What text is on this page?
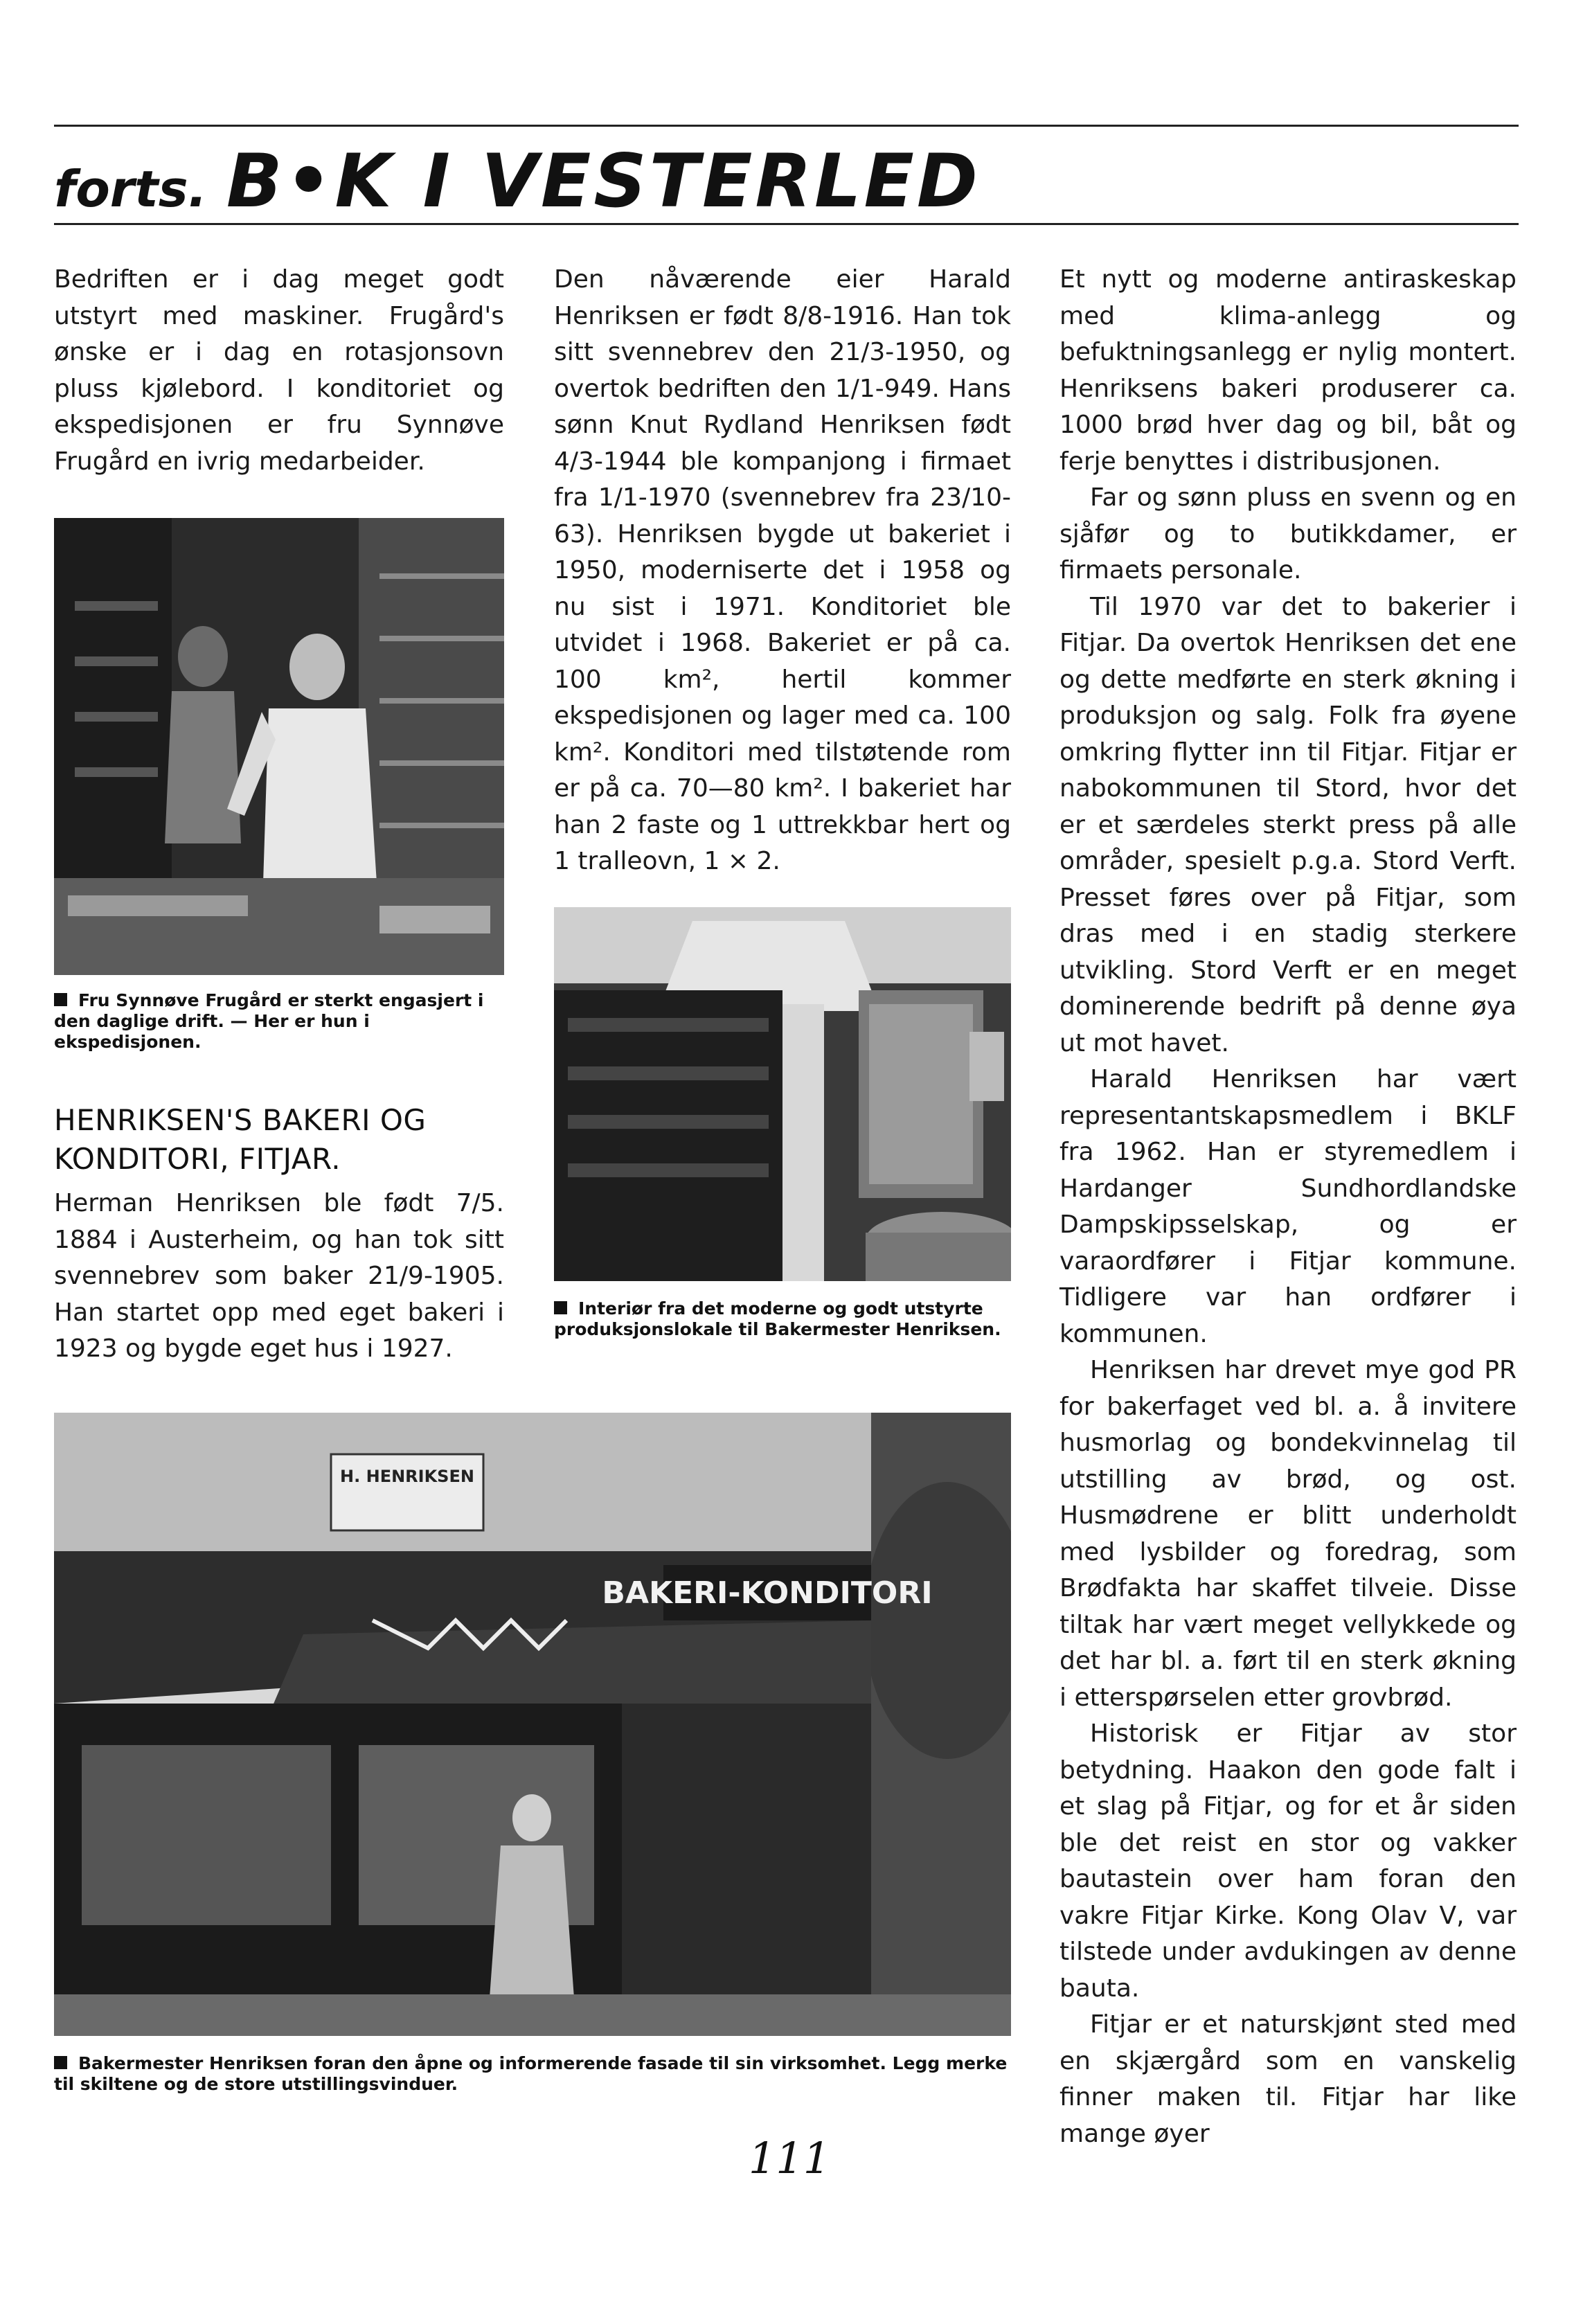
forts. B•K I VESTERLED

Bedriften er i dag meget godt utstyrt med maskiner. Frugård's ønske er i dag en rotasjonsovn pluss kjølebord. I konditoriet og ekspedisjonen er fru Synnøve Frugård en ivrig medarbeider.

Fru Synnøve Frugård er sterkt engasjert i den daglige drift. — Her er hun i ekspedisjonen.

HENRIKSEN'S BAKERI OG KONDITORI, FITJAR.

Herman Henriksen ble født 7/5. 1884 i Austerheim, og han tok sitt svennebrev som baker 21/9-1905. Han startet opp med eget bakeri i 1923 og bygde eget hus i 1927.

Den nåværende eier Harald Henriksen er født 8/8-1916. Han tok sitt svennebrev den 21/3-1950, og overtok bedriften den 1/1-949. Hans sønn Knut Rydland Henriksen født 4/3-1944 ble kompanjong i firmaet fra 1/1-1970 (svennebrev fra 23/10-63). Henriksen bygde ut bakeriet i 1950, moderniserte det i 1958 og nu sist i 1971. Konditoriet ble utvidet i 1968. Bakeriet er på ca. 100 km², hertil kommer ekspedisjonen og lager med ca. 100 km². Konditori med tilstøtende rom er på ca. 70—80 km². I bakeriet har han 2 faste og 1 uttrekkbar hert og 1 tralleovn, 1 × 2.

Interiør fra det moderne og godt utstyrte produksjonslokale til Bakermester Henriksen.

BAKERI-KONDITORI
H. HENRIKSEN

Bakermester Henriksen foran den åpne og informerende fasade til sin virksomhet. Legg merke til skiltene og de store utstillingsvinduer.

Et nytt og moderne antiraskeskap med klima-anlegg og befuktningsanlegg er nylig montert. Henriksens bakeri produserer ca. 1000 brød hver dag og bil, båt og ferje benyttes i distribusjonen.

Far og sønn pluss en svenn og en sjåfør og to butikkdamer, er firmaets personale.

Til 1970 var det to bakerier i Fitjar. Da overtok Henriksen det ene og dette medførte en sterk økning i produksjon og salg. Folk fra øyene omkring flytter inn til Fitjar. Fitjar er nabokommunen til Stord, hvor det er et særdeles sterkt press på alle områder, spesielt p.g.a. Stord Verft. Presset føres over på Fitjar, som dras med i en stadig sterkere utvikling. Stord Verft er en meget dominerende bedrift på denne øya ut mot havet.

Harald Henriksen har vært representantskapsmedlem i BKLF fra 1962. Han er styremedlem i Hardanger Sundhordlandske Dampskipsselskap, og er varaordfører i Fitjar kommune. Tidligere var han ordfører i kommunen.

Henriksen har drevet mye god PR for bakerfaget ved bl. a. å invitere husmorlag og bondekvinnelag til utstilling av brød, og ost. Husmødrene er blitt underholdt med lysbilder og foredrag, som Brødfakta har skaffet tilveie. Disse tiltak har vært meget vellykkede og det har bl. a. ført til en sterk økning i etterspørselen etter grovbrød.

Historisk er Fitjar av stor betydning. Haakon den gode falt i et slag på Fitjar, og for et år siden ble det reist en stor og vakker bautastein over ham foran den vakre Fitjar Kirke. Kong Olav V, var tilstede under avdukingen av denne bauta.

Fitjar er et naturskjønt sted med en skjærgård som en vanskelig finner maken til. Fitjar har like mange øyer

111
